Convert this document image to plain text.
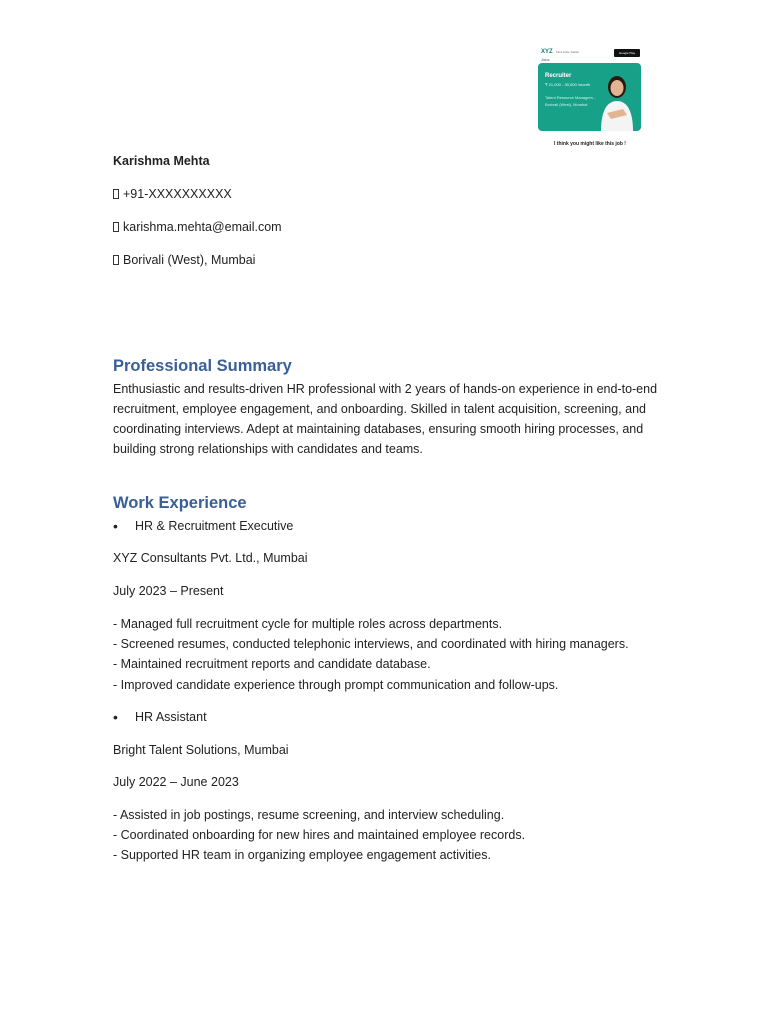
XYZ
Jobs
Find Jobs, Faster	Google Play
Recruiter
₹ 21,000 - 30,000 /month
Talent Resource Managem...
Borivali (West), Mumbai
I think you might like this job !
Karishma Mehta
+91-XXXXXXXXXX
karishma.mehta@email.com
Borivali (West), Mumbai
Professional Summary
Enthusiastic and results-driven HR professional with 2 years of hands-on experience in end-to-end recruitment, employee engagement, and onboarding. Skilled in talent acquisition, screening, and coordinating interviews. Adept at maintaining databases, ensuring smooth hiring processes, and building strong relationships with candidates and teams.
Work Experience
• HR & Recruitment Executive
XYZ Consultants Pvt. Ltd., Mumbai
July 2023 – Present
- Managed full recruitment cycle for multiple roles across departments.
- Screened resumes, conducted telephonic interviews, and coordinated with hiring managers.
- Maintained recruitment reports and candidate database.
- Improved candidate experience through prompt communication and follow-ups.
• HR Assistant
Bright Talent Solutions, Mumbai
July 2022 – June 2023
- Assisted in job postings, resume screening, and interview scheduling.
- Coordinated onboarding for new hires and maintained employee records.
- Supported HR team in organizing employee engagement activities.
